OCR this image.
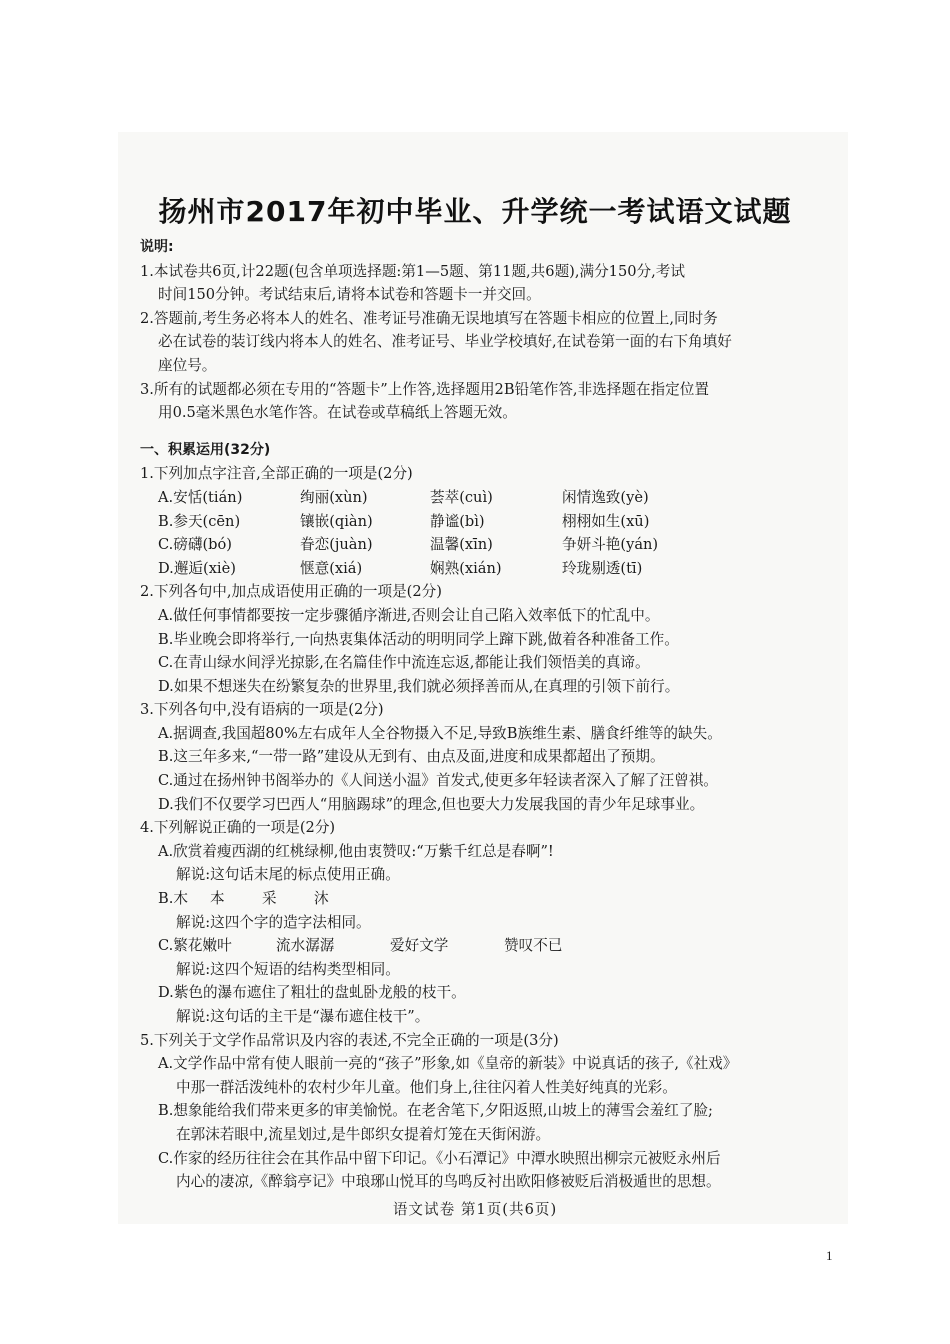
扬州市2017年初中毕业、升学统一考试语文试题
说明:
1.本试卷共6页,计22题(包含单项选择题:第1—5题、第11题,共6题),满分150分,考试
时间150分钟。考试结束后,请将本试卷和答题卡一并交回。
2.答题前,考生务必将本人的姓名、准考证号准确无误地填写在答题卡相应的位置上,同时务
必在试卷的装订线内将本人的姓名、准考证号、毕业学校填好,在试卷第一面的右下角填好
座位号。
3.所有的试题都必须在专用的“答题卡”上作答,选择题用2B铅笔作答,非选择题在指定位置
用0.5毫米黑色水笔作答。在试卷或草稿纸上答题无效。
一、积累运用(32分)
1.下列加点字注音,全部正确的一项是(2分)
A.安恬(tián)	绚丽(xùn)	荟萃(cuì)	闲情逸致(yè)
B.参天(cēn)	镶嵌(qiàn)	静谧(bì)	栩栩如生(xū)
C.磅礴(bó)	眷恋(juàn)	温馨(xīn)	争妍斗艳(yán)
D.邂逅(xiè)	惬意(xiá)	娴熟(xián)	玲珑剔透(tī)
2.下列各句中,加点成语使用正确的一项是(2分)
A.做任何事情都要按一定步骤循序渐进,否则会让自己陷入效率低下的忙乱中。
B.毕业晚会即将举行,一向热衷集体活动的明明同学上蹿下跳,做着各种准备工作。
C.在青山绿水间浮光掠影,在名篇佳作中流连忘返,都能让我们领悟美的真谛。
D.如果不想迷失在纷繁复杂的世界里,我们就必须择善而从,在真理的引领下前行。
3.下列各句中,没有语病的一项是(2分)
A.据调查,我国超80%左右成年人全谷物摄入不足,导致B族维生素、膳食纤维等的缺失。
B.这三年多来,“一带一路”建设从无到有、由点及面,进度和成果都超出了预期。
C.通过在扬州钟书阁举办的《人间送小温》首发式,使更多年轻读者深入了解了汪曾祺。
D.我们不仅要学习巴西人“用脑踢球”的理念,但也要大力发展我国的青少年足球事业。
4.下列解说正确的一项是(2分)
A.欣赏着瘦西湖的红桃绿柳,他由衷赞叹:“万紫千红总是春啊”!
解说:这句话末尾的标点使用正确。
B.木	本	采	沐
解说:这四个字的造字法相同。
C.繁花嫩叶	流水潺潺	爱好文学	赞叹不已
解说:这四个短语的结构类型相同。
D.紫色的瀑布遮住了粗壮的盘虬卧龙般的枝干。
解说:这句话的主干是“瀑布遮住枝干”。
5.下列关于文学作品常识及内容的表述,不完全正确的一项是(3分)
A.文学作品中常有使人眼前一亮的“孩子”形象,如《皇帝的新装》中说真话的孩子,《社戏》
中那一群活泼纯朴的农村少年儿童。他们身上,往往闪着人性美好纯真的光彩。
B.想象能给我们带来更多的审美愉悦。在老舍笔下,夕阳返照,山坡上的薄雪会羞红了脸;
在郭沫若眼中,流星划过,是牛郎织女提着灯笼在天街闲游。
C.作家的经历往往会在其作品中留下印记。《小石潭记》中潭水映照出柳宗元被贬永州后
内心的凄凉,《醉翁亭记》中琅琊山悦耳的鸟鸣反衬出欧阳修被贬后消极遁世的思想。
语文试卷 第1页(共6页)
1
